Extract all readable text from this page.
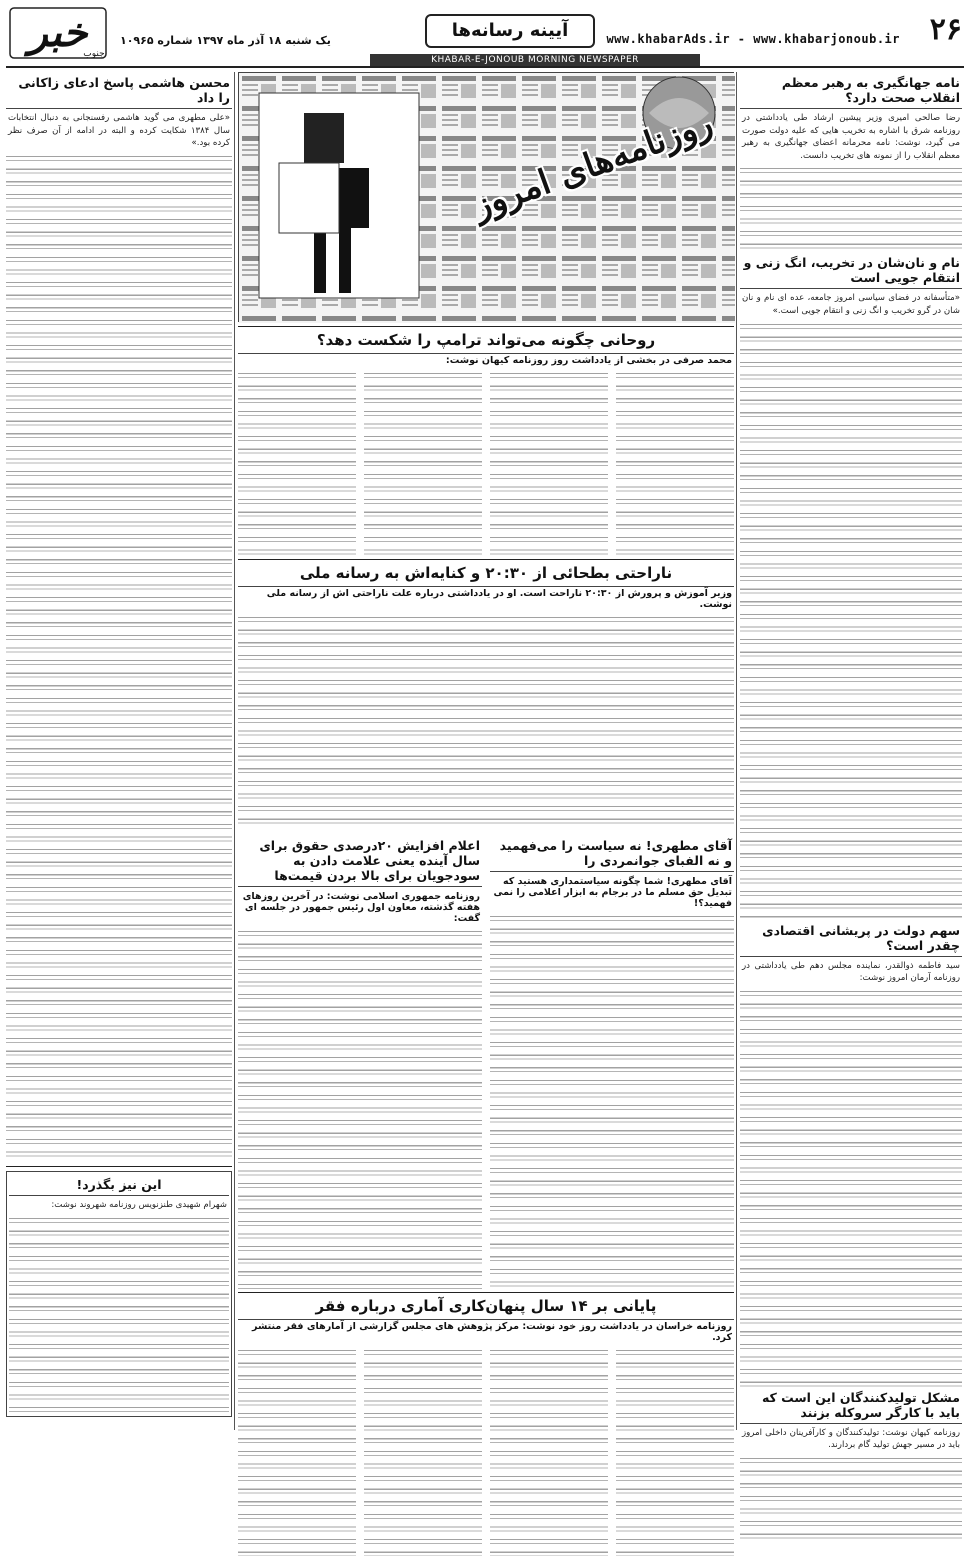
۲۶
www.khabarAds.ir - www.khabarjonoub.ir
آیینه رسانه‌ها
یک شنبه ۱۸ آذر ماه ۱۳۹۷ شماره ۱۰۹۶۵
خبر
جنوب
KHABAR-E-JONOUB MORNING NEWSPAPER
نامه جهانگیری به رهبر معظم انقلاب صحت دارد؟
رضا صالحی امیری وزیر پیشین ارشاد طی یادداشتی در روزنامه شرق با اشاره به تخریب هایی که علیه دولت صورت می گیرد، نوشت: نامه محرمانه اعضای جهانگیری به رهبر معظم انقلاب را از نمونه های تخریب دانست.
نام و نان‌شان در تخریب، انگ زنی و انتقام جویی است
«متأسفانه در فضای سیاسی امروز جامعه، عده ای نام و نان شان در گرو تخریب و انگ زنی و انتقام جویی است.»
سهم دولت در پریشانی اقتصادی چقدر است؟
سید فاطمه ذوالقدر، نماینده مجلس دهم طی یادداشتی در روزنامه آرمان امروز نوشت:
مشکل تولیدکنندگان این است که باید با کارگر سروکله بزنند
روزنامه کیهان نوشت: تولیدکنندگان و کارآفرینان داخلی امروز باید در مسیر جهش تولید گام بردارند.
روزنامه‌های امروز
روحانی چگونه می‌تواند ترامپ را شکست دهد؟
محمد صرفی در بخشی از یادداشت روز روزنامه کیهان نوشت:
ناراحتی بطحائی از ۲۰:۳۰ و کنایه‌اش به رسانه ملی
وزیر آموزش و پرورش از ۲۰:۳۰ ناراحت است. او در یادداشتی درباره علت ناراحتی اش از رسانه ملی نوشت.
آقای مطهری! نه سیاست را می‌فهمید و نه الفبای جوانمردی را
آقای مطهری! شما چگونه سیاستمداری هستید که تبدیل حق مسلم ما در برجام به ابزار اعلامی را نمی فهمید؟!
اعلام افزایش ۲۰درصدی حقوق برای سال آینده یعنی علامت دادن به سودجویان برای بالا بردن قیمت‌ها
روزنامه جمهوری اسلامی نوشت: در آخرین روزهای هفته گذشته، معاون اول رئیس جمهور در جلسه ای گفت:
پایانی بر ۱۴ سال پنهان‌کاری آماری درباره فقر
روزنامه خراسان در یادداشت روز خود نوشت: مرکز پژوهش های مجلس گزارشی از آمارهای فقر منتشر کرد.
محسن هاشمی پاسخ ادعای زاکانی را داد
«علی مطهری می گوید هاشمی رفسنجانی به دنبال انتخابات سال ۱۳۸۴ شکایت کرده و البته در ادامه از آن صرف نظر کرده بود.»
این نیز بگذرد!
شهرام شهیدی طنزنویس روزنامه شهروند نوشت:
